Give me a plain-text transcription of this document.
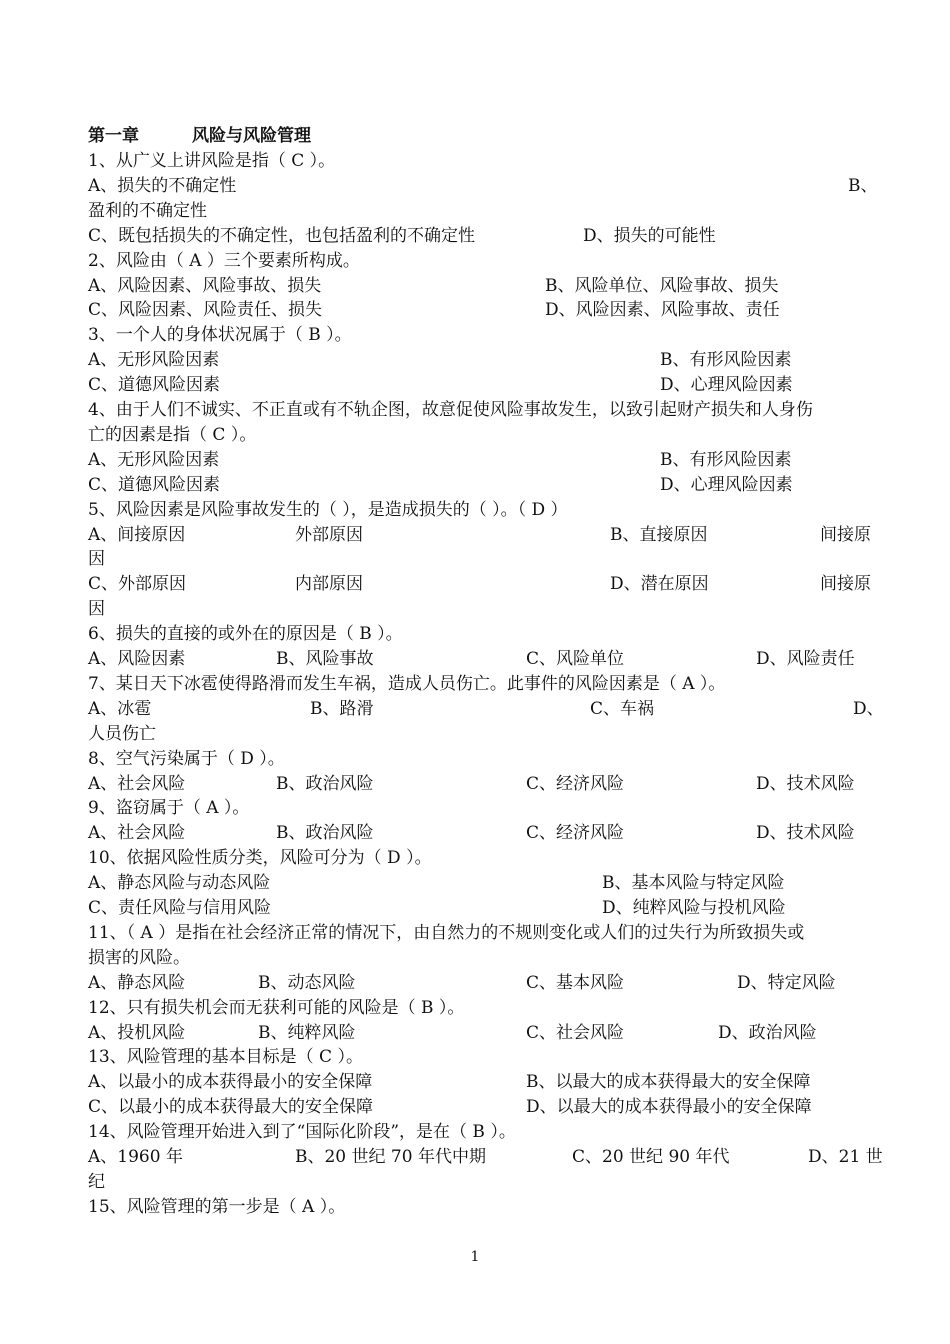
第一章	风险与风险管理
1、从广义上讲风险是指（ C ）。
A、损失的不确定性	B、
盈利的不确定性
C、既包括损失的不确定性，也包括盈利的不确定性	D、损失的可能性
2、风险由（ A ）三个要素所构成。
A、风险因素、风险事故、损失	B、风险单位、风险事故、损失
C、风险因素、风险责任、损失	D、风险因素、风险事故、责任
3、一个人的身体状况属于（ B ）。
A、无形风险因素	B、有形风险因素
C、道德风险因素	D、心理风险因素
4、由于人们不诚实、不正直或有不轨企图，故意促使风险事故发生，以致引起财产损失和人身伤
亡的因素是指（ C ）。
A、无形风险因素	B、有形风险因素
C、道德风险因素	D、心理风险因素
5、风险因素是风险事故发生的（ ），是造成损失的（ ）。（ D ）
A、间接原因	外部原因	B、直接原因	间接原
因
C、外部原因	内部原因	D、潜在原因	间接原
因
6、损失的直接的或外在的原因是（ B ）。
A、风险因素	B、风险事故	C、风险单位	D、风险责任
7、某日天下冰雹使得路滑而发生车祸，造成人员伤亡。此事件的风险因素是（ A ）。
A、冰雹	B、路滑	C、车祸	D、
人员伤亡
8、空气污染属于（ D ）。
A、社会风险	B、政治风险	C、经济风险	D、技术风险
9、盗窃属于（ A ）。
A、社会风险	B、政治风险	C、经济风险	D、技术风险
10、依据风险性质分类，风险可分为（ D ）。
A、静态风险与动态风险	B、基本风险与特定风险
C、责任风险与信用风险	D、纯粹风险与投机风险
11、（ A ）是指在社会经济正常的情况下，由自然力的不规则变化或人们的过失行为所致损失或
损害的风险。
A、静态风险	B、动态风险	C、基本风险	D、特定风险
12、只有损失机会而无获利可能的风险是（ B ）。
A、投机风险	B、纯粹风险	C、社会风险	D、政治风险
13、风险管理的基本目标是（ C ）。
A、以最小的成本获得最小的安全保障	B、以最大的成本获得最大的安全保障
C、以最小的成本获得最大的安全保障	D、以最大的成本获得最小的安全保障
14、风险管理开始进入到了“国际化阶段”，是在（ B ）。
A、1960 年	B、20 世纪 70 年代中期	C、20 世纪 90 年代	D、21 世
纪
15、风险管理的第一步是（ A ）。
1
